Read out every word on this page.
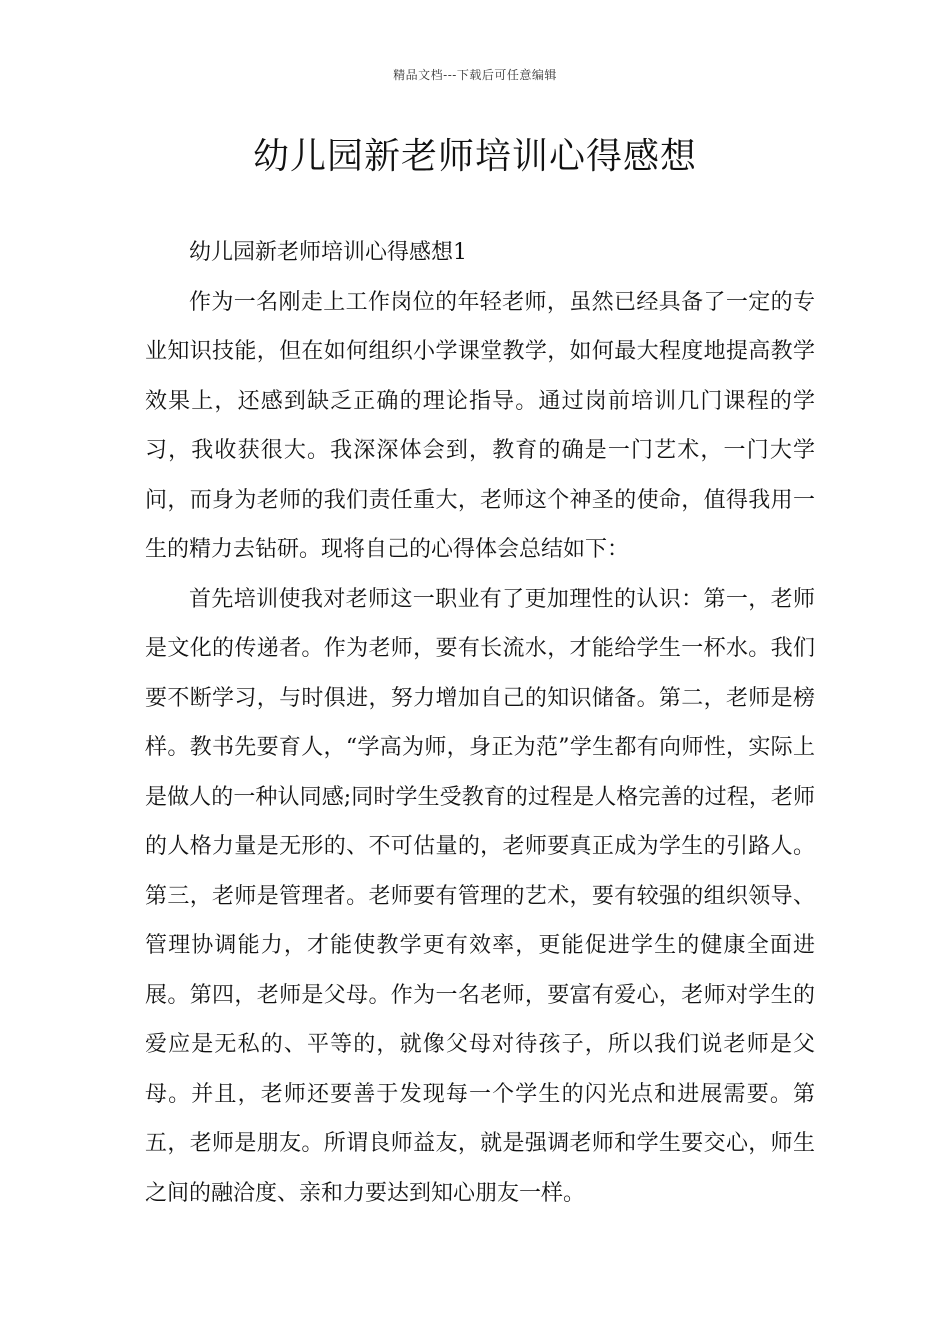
精品文档---下载后可任意编辑
幼儿园新老师培训心得感想

幼儿园新老师培训心得感想1

作为一名刚走上工作岗位的年轻老师，虽然已经具备了一定的专业知识技能，但在如何组织小学课堂教学，如何最大程度地提高教学效果上，还感到缺乏正确的理论指导。通过岗前培训几门课程的学习，我收获很大。我深深体会到，教育的确是一门艺术，一门大学问，而身为老师的我们责任重大，老师这个神圣的使命，值得我用一生的精力去钻研。现将自己的心得体会总结如下：

首先培训使我对老师这一职业有了更加理性的认识：第一，老师是文化的传递者。作为老师，要有长流水，才能给学生一杯水。我们要不断学习，与时俱进，努力增加自己的知识储备。第二，老师是榜样。教书先要育人，“学高为师，身正为范”学生都有向师性，实际上是做人的一种认同感;同时学生受教育的过程是人格完善的过程，老师的人格力量是无形的、不可估量的，老师要真正成为学生的引路人。第三，老师是管理者。老师要有管理的艺术，要有较强的组织领导、管理协调能力，才能使教学更有效率，更能促进学生的健康全面进展。第四，老师是父母。作为一名老师，要富有爱心，老师对学生的爱应是无私的、平等的，就像父母对待孩子，所以我们说老师是父母。并且，老师还要善于发现每一个学生的闪光点和进展需要。第五，老师是朋友。所谓良师益友，就是强调老师和学生要交心，师生之间的融洽度、亲和力要达到知心朋友一样。
